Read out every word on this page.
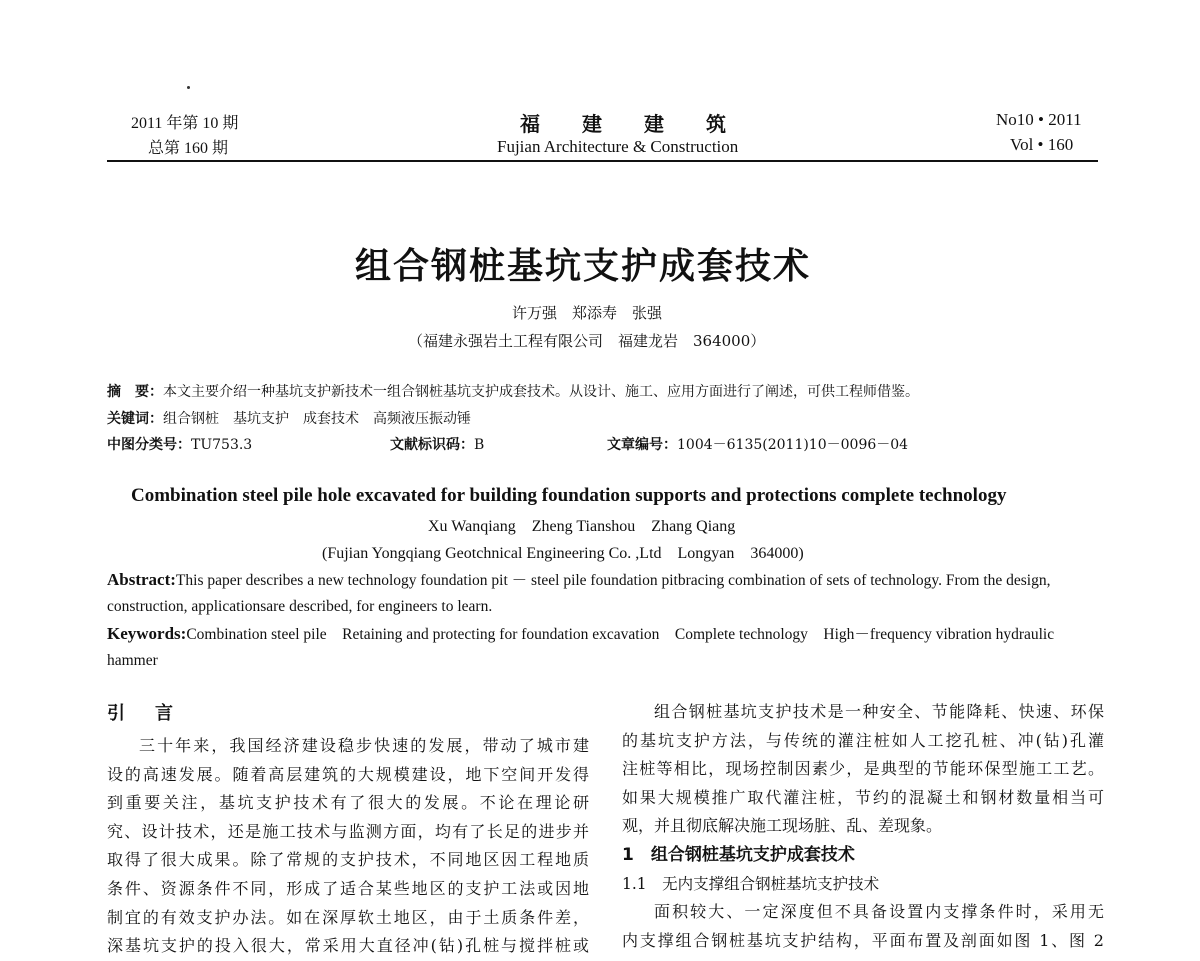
2011 年第 10 期
总第 160 期
福建建筑
Fujian Architecture & Construction
No10 • 2011
Vol • 160
组合钢桩基坑支护成套技术
许万强　郑添寿　张强
（福建永强岩土工程有限公司　福建龙岩　364000）
摘　要：本文主要介绍一种基坑支护新技术一组合钢桩基坑支护成套技术。从设计、施工、应用方面进行了阐述，可供工程师借鉴。
关键词：组合钢桩　基坑支护　成套技术　高频液压振动锤
中图分类号：TU753.3	文献标识码：B	文章编号：1004－6135(2011)10－0096－04
Combination steel pile hole excavated for building foundation supports and protections complete technology
Xu Wanqiang　Zheng Tianshou　Zhang Qiang
(Fujian Yongqiang Geotchnical Engineering Co. ,Ltd　Longyan　364000)
Abstract:This paper describes a new technology foundation pit － steel pile foundation pitbracing combination of sets of technology. From the design, construction, applicationsare described, for engineers to learn.
Keywords:Combination steel pile　Retaining and protecting for foundation excavation　Complete technology　High－frequency vibration hydraulic hammer
引　言

三十年来，我国经济建设稳步快速的发展，带动了城市建

设的高速发展。随着高层建筑的大规模建设，地下空间开发得

到重要关注，基坑支护技术有了很大的发展。不论在理论研

究、设计技术，还是施工技术与监测方面，均有了长足的进步并

取得了很大成果。除了常规的支护技术，不同地区因工程地质

条件、资源条件不同，形成了适合某些地区的支护工法或因地

制宜的有效支护办法。如在深厚软土地区，由于土质条件差，

深基坑支护的投入很大，常采用大直径冲(钻)孔桩与搅拌桩或

组合钢桩基坑支护技术是一种安全、节能降耗、快速、环保

的基坑支护方法，与传统的灌注桩如人工挖孔桩、冲(钻)孔灌

注桩等相比，现场控制因素少，是典型的节能环保型施工工艺。

如果大规模推广取代灌注桩，节约的混凝土和钢材数量相当可

观，并且彻底解决施工现场脏、乱、差现象。

1　组合钢桩基坑支护成套技术

1.1　无内支撑组合钢桩基坑支护技术

面积较大、一定深度但不具备设置内支撑条件时，采用无

内支撑组合钢桩基坑支护结构，平面布置及剖面如图 1、图 2
